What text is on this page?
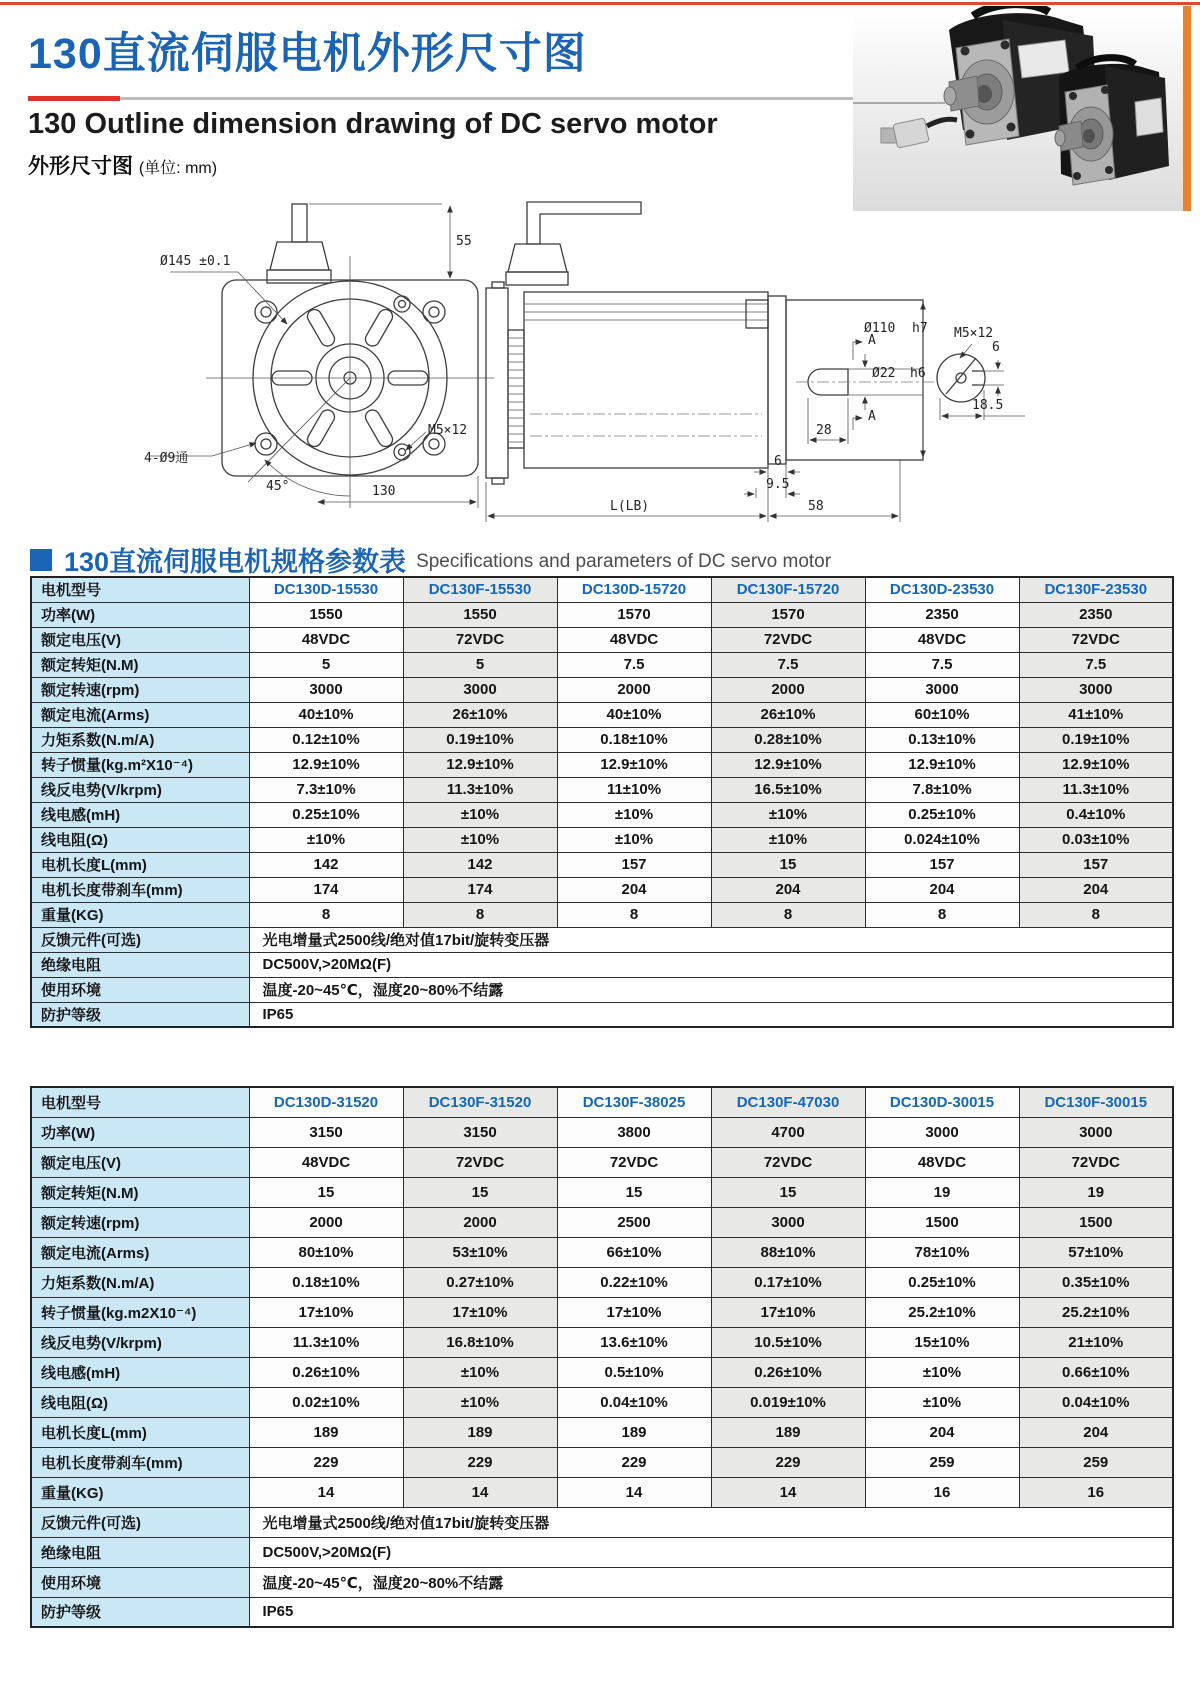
130直流伺服电机外形尺寸图
130 Outline dimension drawing of DC servo motor
外形尺寸图 (单位: mm)
Ø145 ±0.1
55
4-Ø9通
45°	130
M5×12
Ø110 h7
A
A
Ø22 h6
28
6
9.5
58
L(LB)
M5×12
6
18.5
130直流伺服电机规格参数表 Specifications and parameters of DC servo motor
电机型号	DC130D-15530	DC130F-15530	DC130D-15720	DC130F-15720	DC130D-23530	DC130F-23530
功率(W)	1550	1550	1570	1570	2350	2350
额定电压(V)	48VDC	72VDC	48VDC	72VDC	48VDC	72VDC
额定转矩(N.M)	5	5	7.5	7.5	7.5	7.5
额定转速(rpm)	3000	3000	2000	2000	3000	3000
额定电流(Arms)	40±10%	26±10%	40±10%	26±10%	60±10%	41±10%
力矩系数(N.m/A)	0.12±10%	0.19±10%	0.18±10%	0.28±10%	0.13±10%	0.19±10%
转子惯量(kg.m²X10⁻⁴)	12.9±10%	12.9±10%	12.9±10%	12.9±10%	12.9±10%	12.9±10%
线反电势(V/krpm)	7.3±10%	11.3±10%	11±10%	16.5±10%	7.8±10%	11.3±10%
线电感(mH)	0.25±10%	±10%	±10%	±10%	0.25±10%	0.4±10%
线电阻(Ω)	±10%	±10%	±10%	±10%	0.024±10%	0.03±10%
电机长度L(mm)	142	142	157	15	157	157
电机长度带刹车(mm)	174	174	204	204	204	204
重量(KG)	8	8	8	8	8	8
反馈元件(可选)	光电增量式2500线/绝对值17bit/旋转变压器					
绝缘电阻	DC500V,>20MΩ(F)					
使用环境	温度-20~45℃，湿度20~80%不结露					
防护等级	IP65					
电机型号	DC130D-31520	DC130F-31520	DC130F-38025	DC130F-47030	DC130D-30015	DC130F-30015
功率(W)	3150	3150	3800	4700	3000	3000
额定电压(V)	48VDC	72VDC	72VDC	72VDC	48VDC	72VDC
额定转矩(N.M)	15	15	15	15	19	19
额定转速(rpm)	2000	2000	2500	3000	1500	1500
额定电流(Arms)	80±10%	53±10%	66±10%	88±10%	78±10%	57±10%
力矩系数(N.m/A)	0.18±10%	0.27±10%	0.22±10%	0.17±10%	0.25±10%	0.35±10%
转子惯量(kg.m2X10⁻⁴)	17±10%	17±10%	17±10%	17±10%	25.2±10%	25.2±10%
线反电势(V/krpm)	11.3±10%	16.8±10%	13.6±10%	10.5±10%	15±10%	21±10%
线电感(mH)	0.26±10%	±10%	0.5±10%	0.26±10%	±10%	0.66±10%
线电阻(Ω)	0.02±10%	±10%	0.04±10%	0.019±10%	±10%	0.04±10%
电机长度L(mm)	189	189	189	189	204	204
电机长度带刹车(mm)	229	229	229	229	259	259
重量(KG)	14	14	14	14	16	16
反馈元件(可选)	光电增量式2500线/绝对值17bit/旋转变压器					
绝缘电阻	DC500V,>20MΩ(F)					
使用环境	温度-20~45℃，湿度20~80%不结露					
防护等级	IP65					
